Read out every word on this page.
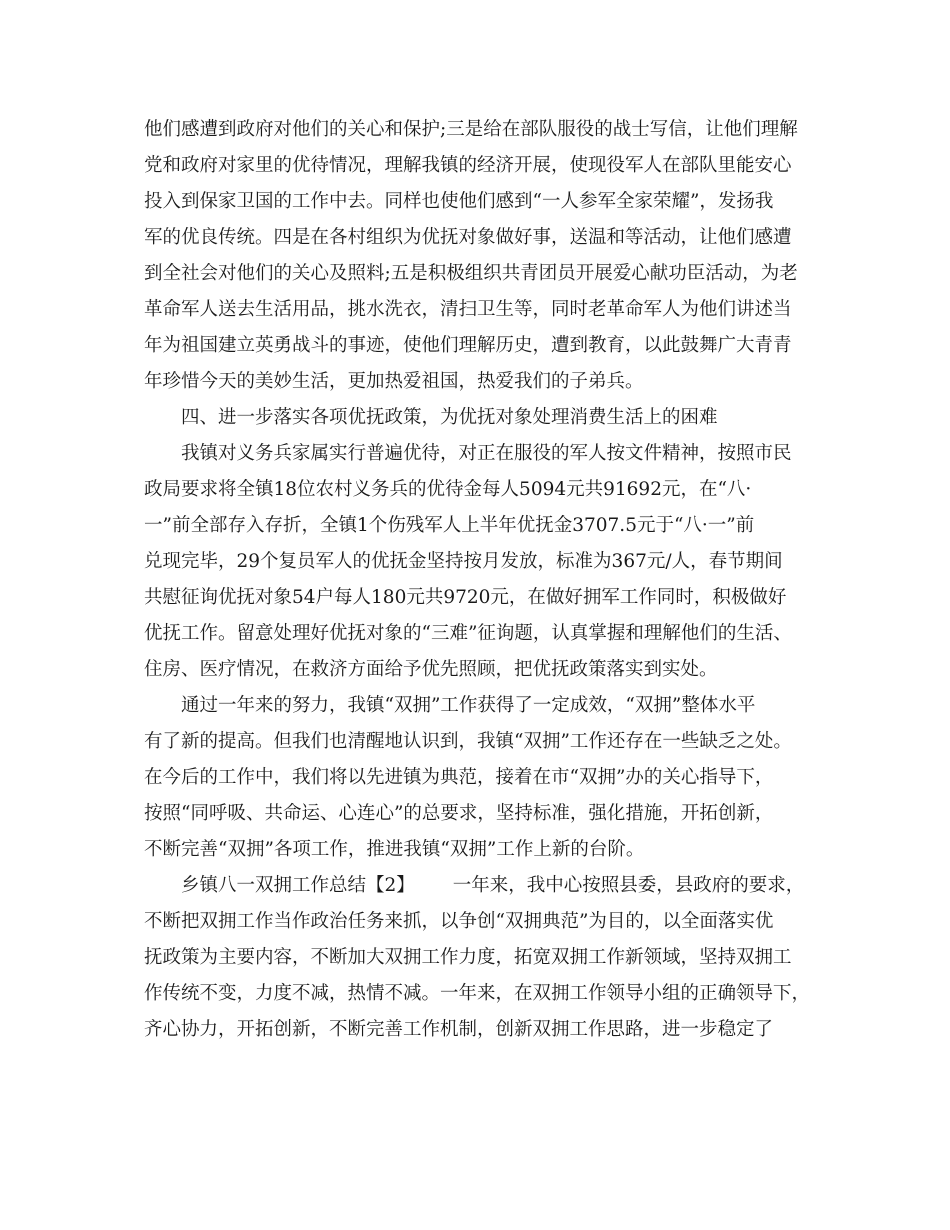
他们感遭到政府对他们的关心和保护;三是给在部队服役的战士写信，让他们理解
党和政府对家里的优待情况，理解我镇的经济开展，使现役军人在部队里能安心
投入到保家卫国的工作中去。同样也使他们感到“一人参军全家荣耀”，发扬我
军的优良传统。四是在各村组织为优抚对象做好事，送温和等活动，让他们感遭
到全社会对他们的关心及照料;五是积极组织共青团员开展爱心献功臣活动，为老
革命军人送去生活用品，挑水洗衣，清扫卫生等，同时老革命军人为他们讲述当
年为祖国建立英勇战斗的事迹，使他们理解历史，遭到教育，以此鼓舞广大青青
年珍惜今天的美妙生活，更加热爱祖国，热爱我们的子弟兵。
四、进一步落实各项优抚政策，为优抚对象处理消费生活上的困难
我镇对义务兵家属实行普遍优待，对正在服役的军人按文件精神，按照市民
政局要求将全镇18位农村义务兵的优待金每人5094元共91692元，在“八·
一”前全部存入存折，全镇1个伤残军人上半年优抚金3707.5元于“八·一”前
兑现完毕，29个复员军人的优抚金坚持按月发放，标准为367元/人，春节期间
共慰征询优抚对象54户每人180元共9720元，在做好拥军工作同时，积极做好
优抚工作。留意处理好优抚对象的“三难”征询题，认真掌握和理解他们的生活、
住房、医疗情况，在救济方面给予优先照顾，把优抚政策落实到实处。
通过一年来的努力，我镇“双拥”工作获得了一定成效，“双拥”整体水平
有了新的提高。但我们也清醒地认识到，我镇“双拥”工作还存在一些缺乏之处。
在今后的工作中，我们将以先进镇为典范，接着在市“双拥”办的关心指导下，
按照“同呼吸、共命运、心连心”的总要求，坚持标准，强化措施，开拓创新，
不断完善“双拥”各项工作，推进我镇“双拥”工作上新的台阶。
乡镇八一双拥工作总结【2】 一年来，我中心按照县委，县政府的要求，
不断把双拥工作当作政治任务来抓，以争创“双拥典范”为目的，以全面落实优
抚政策为主要内容，不断加大双拥工作力度，拓宽双拥工作新领域，坚持双拥工
作传统不变，力度不减，热情不减。一年来，在双拥工作领导小组的正确领导下，
齐心协力，开拓创新，不断完善工作机制，创新双拥工作思路，进一步稳定了
